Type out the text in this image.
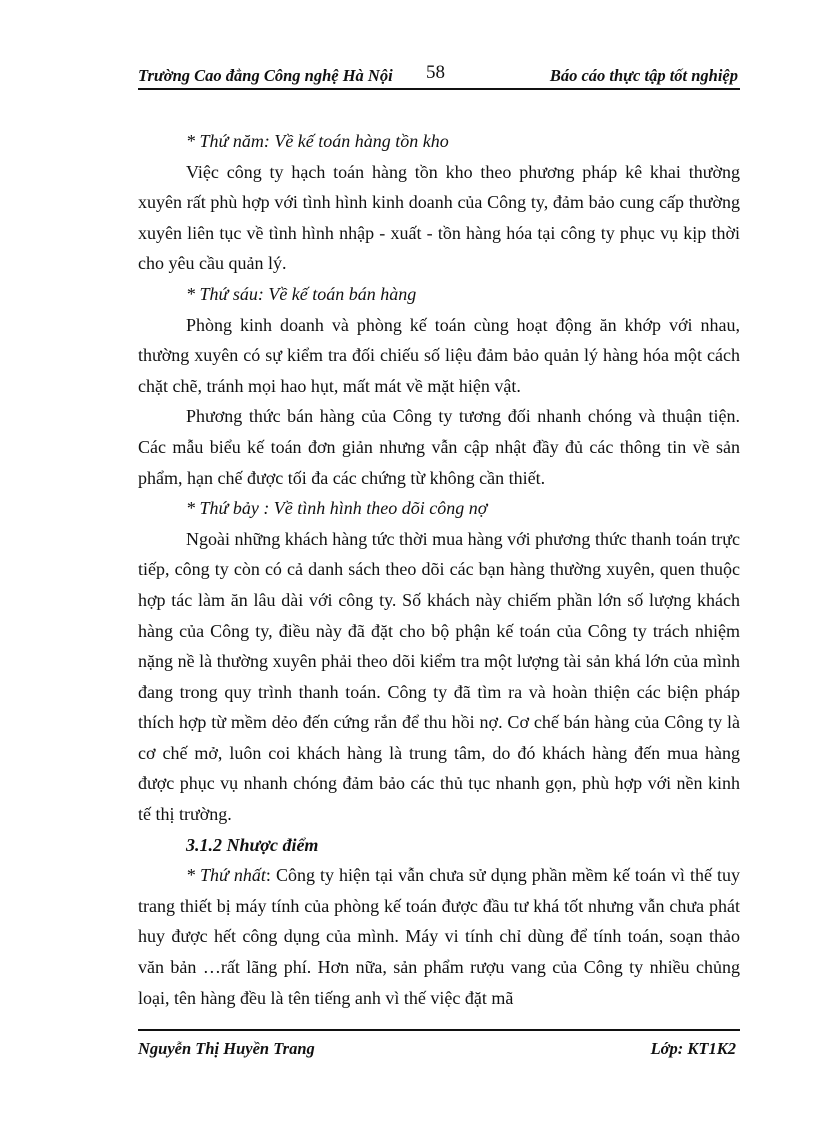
Trường Cao đẳng Công nghệ Hà Nội 58	Báo cáo thực tập tốt nghiệp

* Thứ năm: Về kế toán hàng tồn kho

Việc công ty hạch toán hàng tồn kho theo phương pháp kê khai thường xuyên rất phù hợp với tình hình kinh doanh của Công ty, đảm bảo cung cấp thường xuyên liên tục về tình hình nhập - xuất - tồn hàng hóa tại công ty phục vụ kịp thời cho yêu cầu quản lý.

* Thứ sáu: Về kế toán bán hàng

Phòng kinh doanh và phòng kế toán cùng hoạt động ăn khớp với nhau, thường xuyên có sự kiểm tra đối chiếu số liệu đảm bảo quản lý hàng hóa một cách chặt chẽ, tránh mọi hao hụt, mất mát về mặt hiện vật.

Phương thức bán hàng của Công ty tương đối nhanh chóng và thuận tiện. Các mẫu biểu kế toán đơn giản nhưng vẫn cập nhật đầy đủ các thông tin về sản phẩm, hạn chế được tối đa các chứng từ không cần thiết.

* Thứ bảy : Về tình hình theo dõi công nợ

Ngoài những khách hàng tức thời mua hàng với phương thức thanh toán trực tiếp, công ty còn có cả danh sách theo dõi các bạn hàng thường xuyên, quen thuộc hợp tác làm ăn lâu dài với công ty. Số khách này chiếm phần lớn số lượng khách hàng của Công ty, điều này đã đặt cho bộ phận kế toán của Công ty trách nhiệm nặng nề là thường xuyên phải theo dõi kiểm tra một lượng tài sản khá lớn của mình đang trong quy trình thanh toán. Công ty đã tìm ra và hoàn thiện các biện pháp thích hợp từ mềm dẻo đến cứng rắn để thu hồi nợ. Cơ chế bán hàng của Công ty là cơ chế mở, luôn coi khách hàng là trung tâm, do đó khách hàng đến mua hàng được phục vụ nhanh chóng đảm bảo các thủ tục nhanh gọn, phù hợp với nền kinh tế thị trường.

3.1.2 Nhược điểm

* Thứ nhất: Công ty hiện tại vẫn chưa sử dụng phần mềm kế toán vì thế tuy trang thiết bị máy tính của phòng kế toán được đầu tư khá tốt nhưng vẫn chưa phát huy được hết công dụng của mình. Máy vi tính chỉ dùng để tính toán, soạn thảo văn bản …rất lãng phí. Hơn nữa, sản phẩm rượu vang của Công ty nhiều chủng loại, tên hàng đều là tên tiếng anh vì thế việc đặt mã

Nguyễn Thị Huyền Trang	Lớp: KT1K2
